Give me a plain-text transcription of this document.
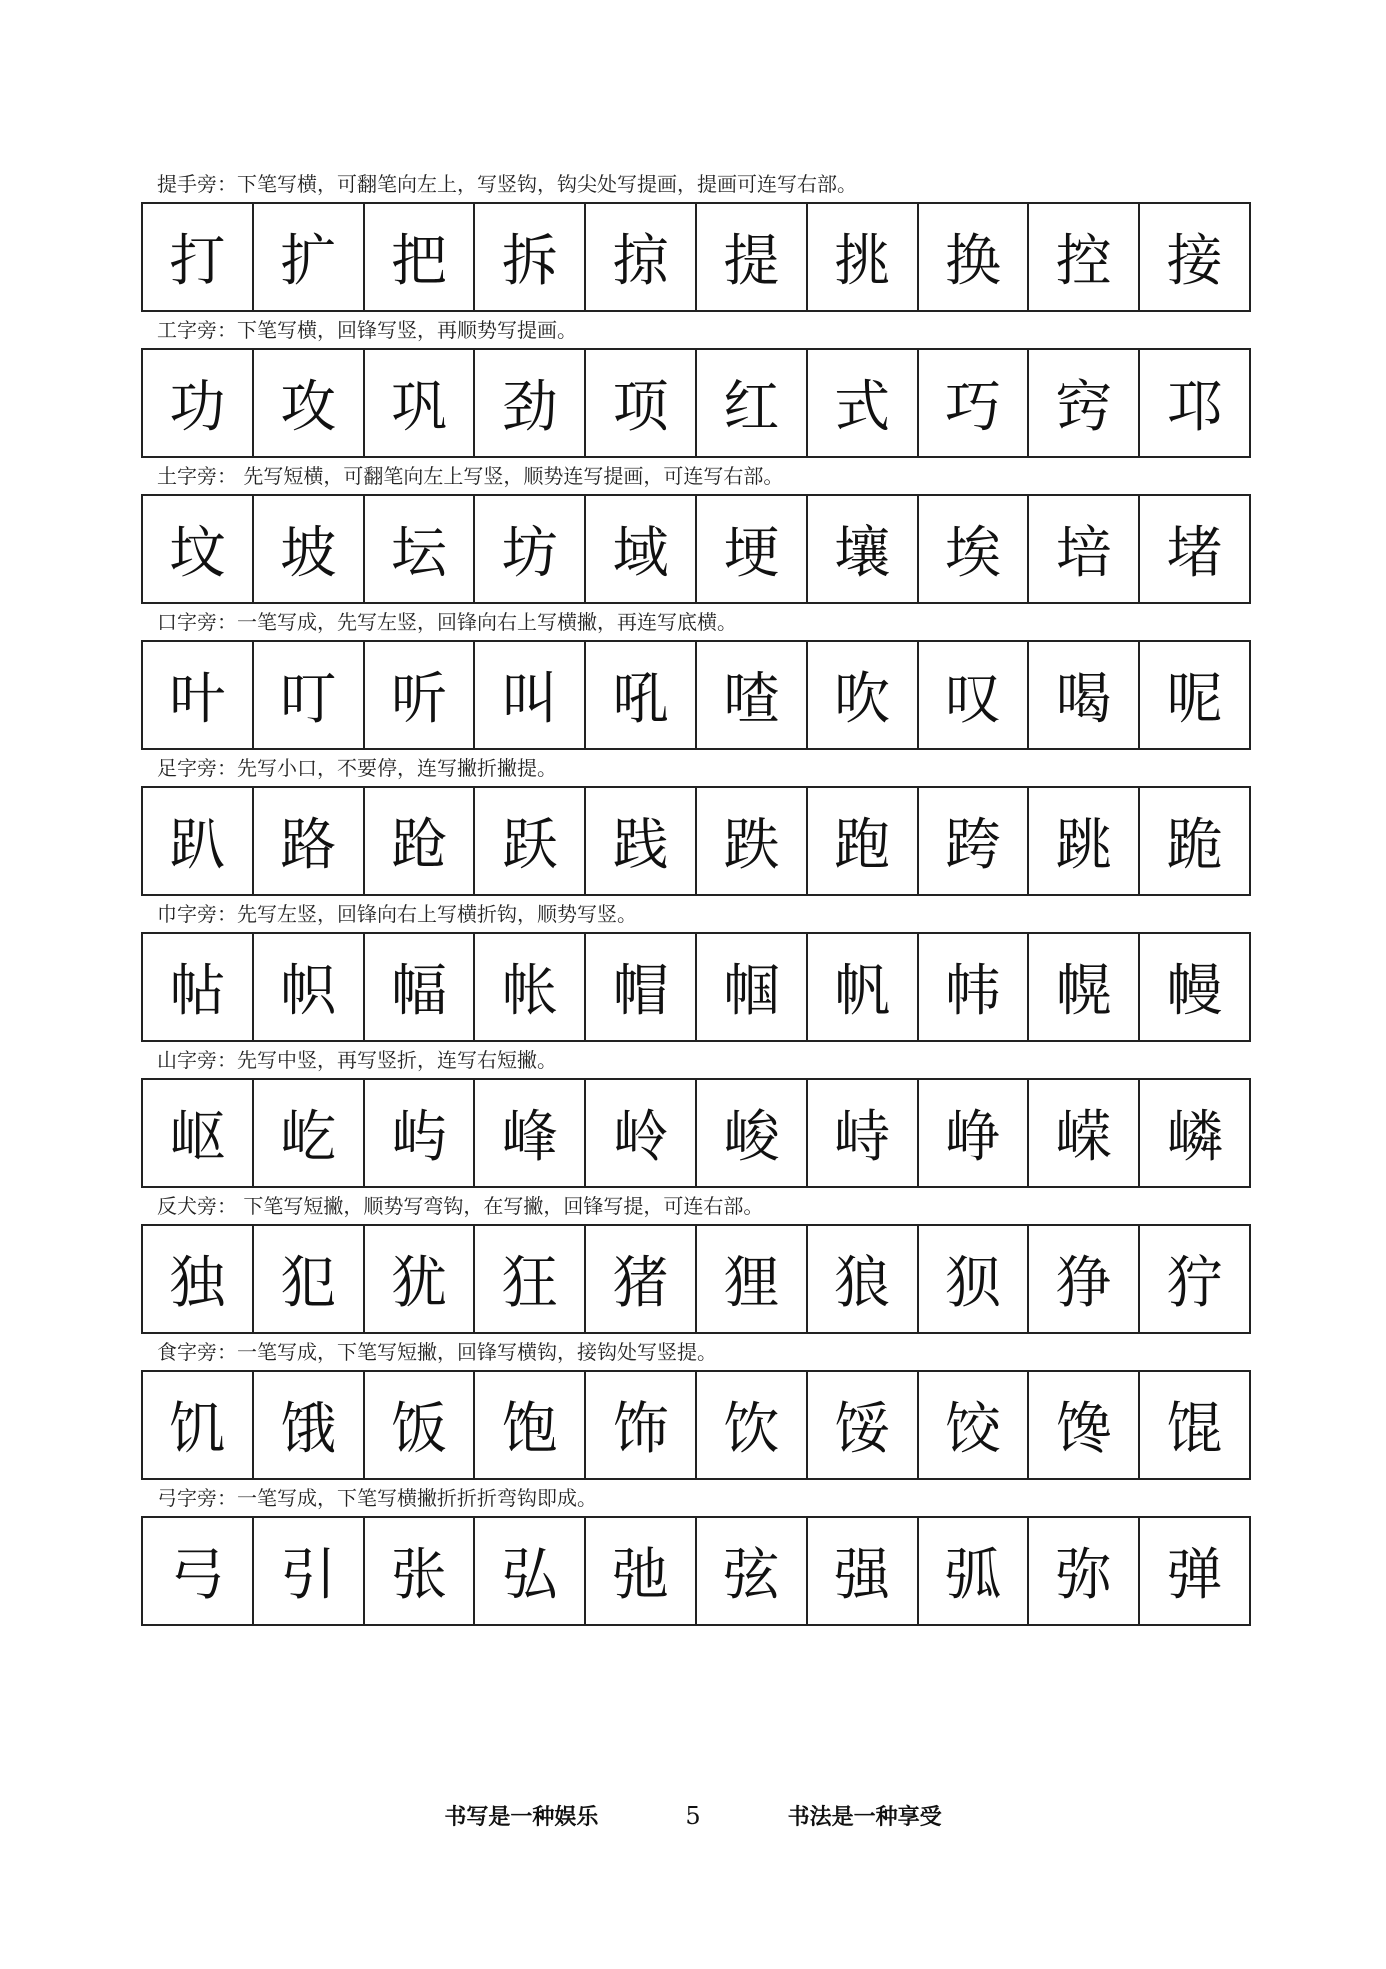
提手旁：下笔写横，可翻笔向左上，写竖钩，钩尖处写提画，提画可连写右部。
打 扩 把 拆 掠 提 挑 换 控 接
工字旁：下笔写横，回锋写竖，再顺势写提画。
功 攻 巩 劲 项 红 式 巧 窍 邛
土字旁： 先写短横，可翻笔向左上写竖，顺势连写提画，可连写右部。
坟 坡 坛 坊 域 埂 壤 埃 培 堵
口字旁：一笔写成，先写左竖，回锋向右上写横撇，再连写底横。
叶 叮 听 叫 吼 喳 吹 叹 喝 呢
足字旁：先写小口，不要停，连写撇折撇提。
趴 路 跄 跃 践 跌 跑 跨 跳 跪
巾字旁：先写左竖，回锋向右上写横折钩，顺势写竖。
帖 帜 幅 帐 帽 帼 帆 帏 幌 幔
山字旁：先写中竖，再写竖折，连写右短撇。
岖 屹 屿 峰 岭 峻 峙 峥 嵘 嶙
反犬旁： 下笔写短撇，顺势写弯钩，在写撇，回锋写提，可连右部。
独 犯 犹 狂 猪 狸 狼 狈 狰 狞
食字旁：一笔写成，下笔写短撇，回锋写横钩，接钩处写竖提。
饥 饿 饭 饱 饰 饮 馁 饺 馋 馄
弓字旁：一笔写成，下笔写横撇折折折弯钩即成。
弓 引 张 弘 弛 弦 强 弧 弥 弹
书写是一种娱乐	5	书法是一种享受
